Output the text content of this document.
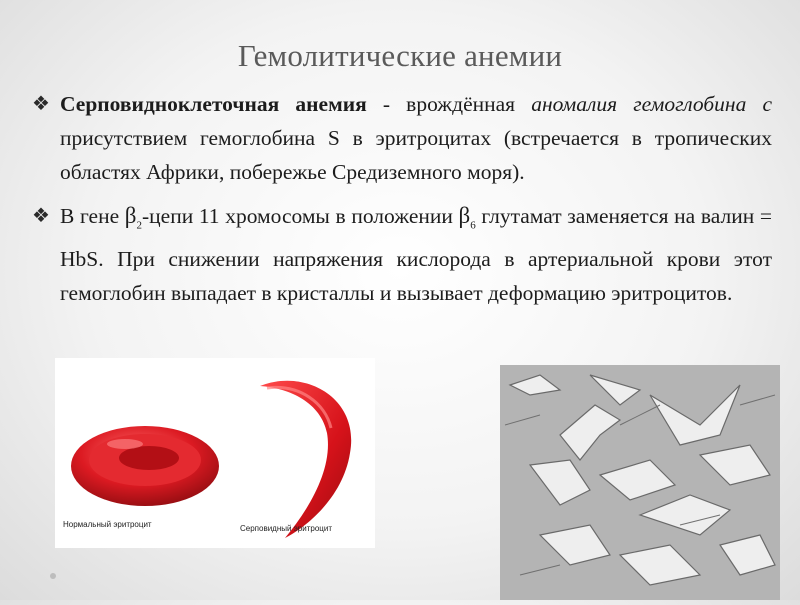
Гемолитические анемии
❖ Серповидноклеточная анемия - врождённая аномалия гемоглобина с присутствием гемоглобина S в эритроцитах (встречается в тропических областях Африки, побережье Средиземного моря).
❖ В гене $\beta_2$-цепи 11 хромосомы в положении $\beta_6$ глутамат заменяется на валин = HbS. При снижении напряжения кислорода в артериальной крови этот гемоглобин выпадает в кристаллы и вызывает деформацию эритроцитов.
Нормальный эритроцит	Серповидный эритроцит
